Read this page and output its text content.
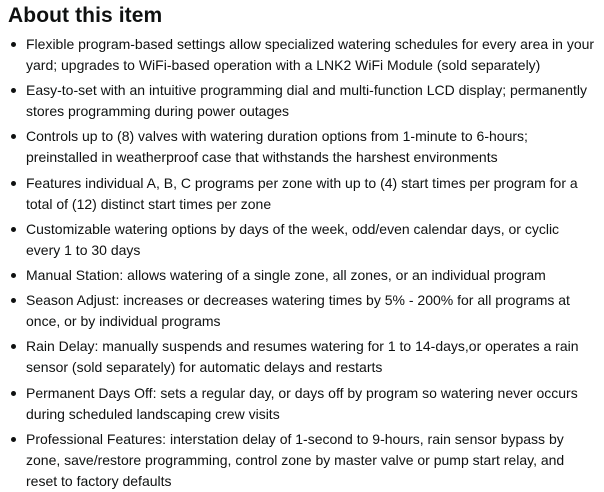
About this item
Flexible program-based settings allow specialized watering schedules for every area in your yard; upgrades to WiFi-based operation with a LNK2 WiFi Module (sold separately)
Easy-to-set with an intuitive programming dial and multi-function LCD display; permanently stores programming during power outages
Controls up to (8) valves with watering duration options from 1-minute to 6-hours; preinstalled in weatherproof case that withstands the harshest environments
Features individual A, B, C programs per zone with up to (4) start times per program for a total of (12) distinct start times per zone
Customizable watering options by days of the week, odd/even calendar days, or cyclic every 1 to 30 days
Manual Station: allows watering of a single zone, all zones, or an individual program
Season Adjust: increases or decreases watering times by 5% - 200% for all programs at once, or by individual programs
Rain Delay: manually suspends and resumes watering for 1 to 14-days,or operates a rain sensor (sold separately) for automatic delays and restarts
Permanent Days Off: sets a regular day, or days off by program so watering never occurs during scheduled landscaping crew visits
Professional Features: interstation delay of 1-second to 9-hours, rain sensor bypass by zone, save/restore programming, control zone by master valve or pump start relay, and reset to factory defaults
